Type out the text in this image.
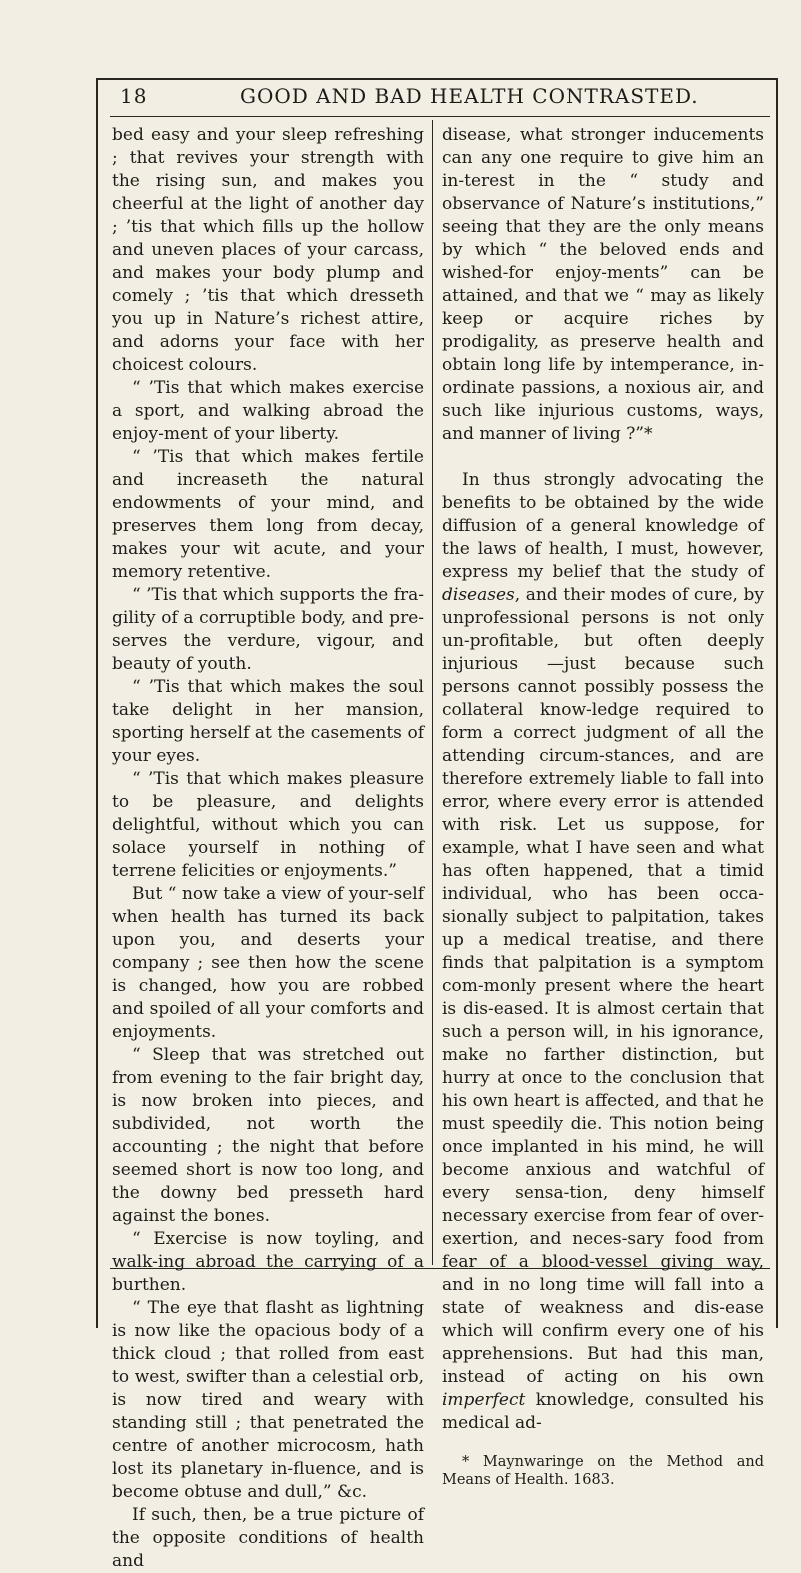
18	GOOD AND BAD HEALTH CONTRASTED.

bed easy and your sleep refreshing ; that revives your strength with the rising sun, and makes you cheerful at the light of another day ; ’tis that which fills up the hollow and uneven places of your carcass, and makes your body plump and comely ; ’tis that which dresseth you up in Nature’s richest attire, and adorns your face with her choicest colours.

“ ’Tis that which makes exercise a sport, and walking abroad the enjoy-ment of your liberty.

“ ’Tis that which makes fertile and increaseth the natural endowments of your mind, and preserves them long from decay, makes your wit acute, and your memory retentive.

“ ’Tis that which supports the fra-gility of a corruptible body, and pre-serves the verdure, vigour, and beauty of youth.

“ ’Tis that which makes the soul take delight in her mansion, sporting herself at the casements of your eyes.

“ ’Tis that which makes pleasure to be pleasure, and delights delightful, without which you can solace yourself in nothing of terrene felicities or enjoyments.”

But “ now take a view of your-self when health has turned its back upon you, and deserts your company ; see then how the scene is changed, how you are robbed and spoiled of all your comforts and enjoyments.

“ Sleep that was stretched out from evening to the fair bright day, is now broken into pieces, and subdivided, not worth the accounting ; the night that before seemed short is now too long, and the downy bed presseth hard against the bones.

“ Exercise is now toyling, and walk-ing abroad the carrying of a burthen.

“ The eye that flasht as lightning is now like the opacious body of a thick cloud ; that rolled from east to west, swifter than a celestial orb, is now tired and weary with standing still ; that penetrated the centre of another microcosm, hath lost its planetary in-fluence, and is become obtuse and dull,” &c.

If such, then, be a true picture of the opposite conditions of health and

disease, what stronger inducements can any one require to give him an in-terest in the “ study and observance of Nature’s institutions,” seeing that they are the only means by which “ the beloved ends and wished-for enjoy-ments” can be attained, and that we “ may as likely keep or acquire riches by prodigality, as preserve health and obtain long life by intemperance, in-ordinate passions, a noxious air, and such like injurious customs, ways, and manner of living ?”*

In thus strongly advocating the benefits to be obtained by the wide diffusion of a general knowledge of the laws of health, I must, however, express my belief that the study of diseases, and their modes of cure, by unprofessional persons is not only un-profitable, but often deeply injurious —just because such persons cannot possibly possess the collateral know-ledge required to form a correct judgment of all the attending circum-stances, and are therefore extremely liable to fall into error, where every error is attended with risk. Let us suppose, for example, what I have seen and what has often happened, that a timid individual, who has been occa-sionally subject to palpitation, takes up a medical treatise, and there finds that palpitation is a symptom com-monly present where the heart is dis-eased. It is almost certain that such a person will, in his ignorance, make no farther distinction, but hurry at once to the conclusion that his own heart is affected, and that he must speedily die. This notion being once implanted in his mind, he will become anxious and watchful of every sensa-tion, deny himself necessary exercise from fear of over-exertion, and neces-sary food from fear of a blood-vessel giving way, and in no long time will fall into a state of weakness and dis-ease which will confirm every one of his apprehensions. But had this man, instead of acting on his own imperfect knowledge, consulted his medical ad-

* Maynwaringe on the Method and Means of Health. 1683.
